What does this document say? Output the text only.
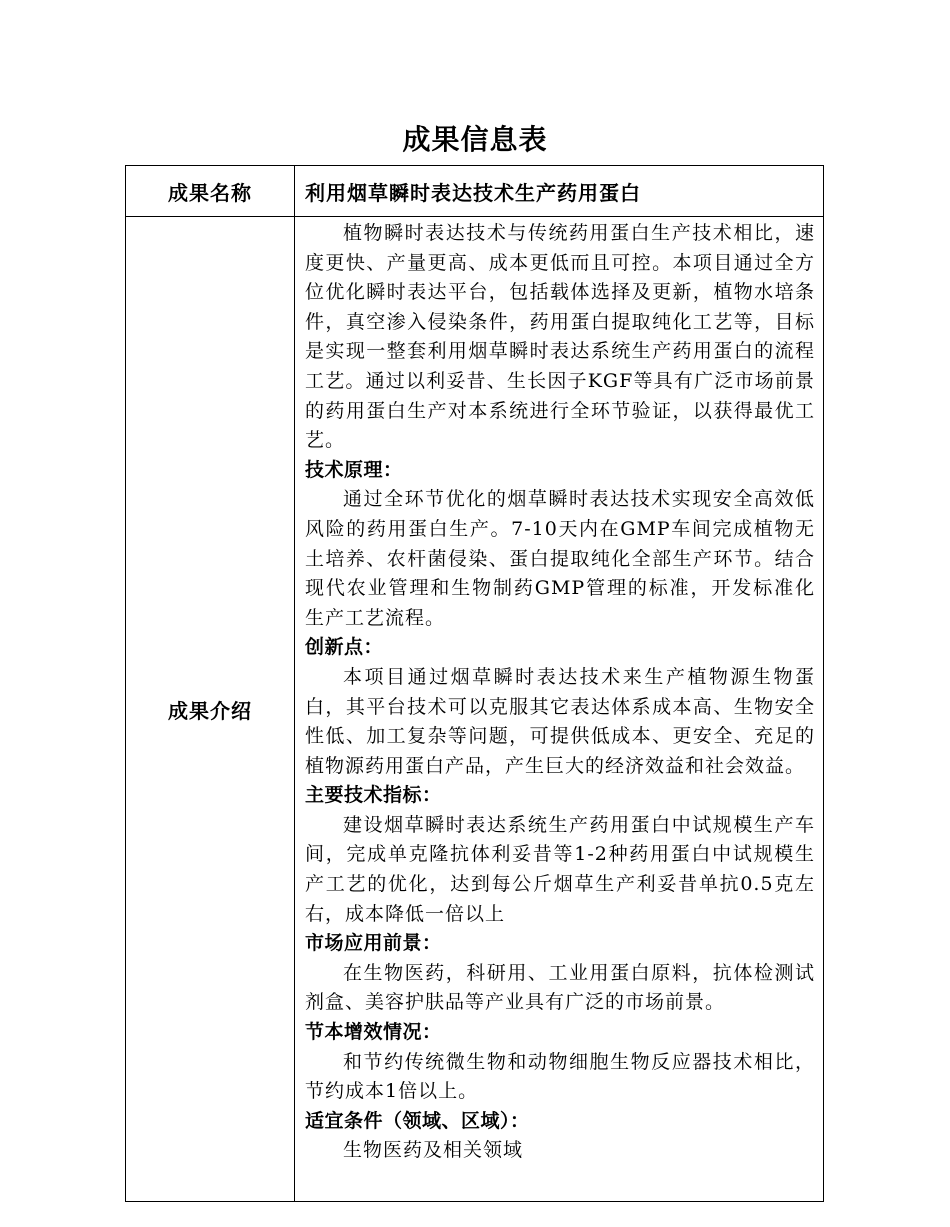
成果信息表
成果名称	利用烟草瞬时表达技术生产药用蛋白
成果介绍

植物瞬时表达技术与传统药用蛋白生产技术相比，速度更快、产量更高、成本更低而且可控。本项目通过全方位优化瞬时表达平台，包括载体选择及更新，植物水培条件，真空渗入侵染条件，药用蛋白提取纯化工艺等，目标是实现一整套利用烟草瞬时表达系统生产药用蛋白的流程工艺。通过以利妥昔、生长因子KGF等具有广泛市场前景的药用蛋白生产对本系统进行全环节验证，以获得最优工艺。

技术原理：

通过全环节优化的烟草瞬时表达技术实现安全高效低风险的药用蛋白生产。7-10天内在GMP车间完成植物无土培养、农杆菌侵染、蛋白提取纯化全部生产环节。结合现代农业管理和生物制药GMP管理的标准，开发标准化生产工艺流程。

创新点：

本项目通过烟草瞬时表达技术来生产植物源生物蛋白，其平台技术可以克服其它表达体系成本高、生物安全性低、加工复杂等问题，可提供低成本、更安全、充足的植物源药用蛋白产品，产生巨大的经济效益和社会效益。

主要技术指标：

建设烟草瞬时表达系统生产药用蛋白中试规模生产车间，完成单克隆抗体利妥昔等1-2种药用蛋白中试规模生产工艺的优化，达到每公斤烟草生产利妥昔单抗0.5克左右，成本降低一倍以上

市场应用前景：

在生物医药，科研用、工业用蛋白原料，抗体检测试剂盒、美容护肤品等产业具有广泛的市场前景。

节本增效情况：

和节约传统微生物和动物细胞生物反应器技术相比，节约成本1倍以上。

适宜条件（领域、区域）：

生物医药及相关领域
